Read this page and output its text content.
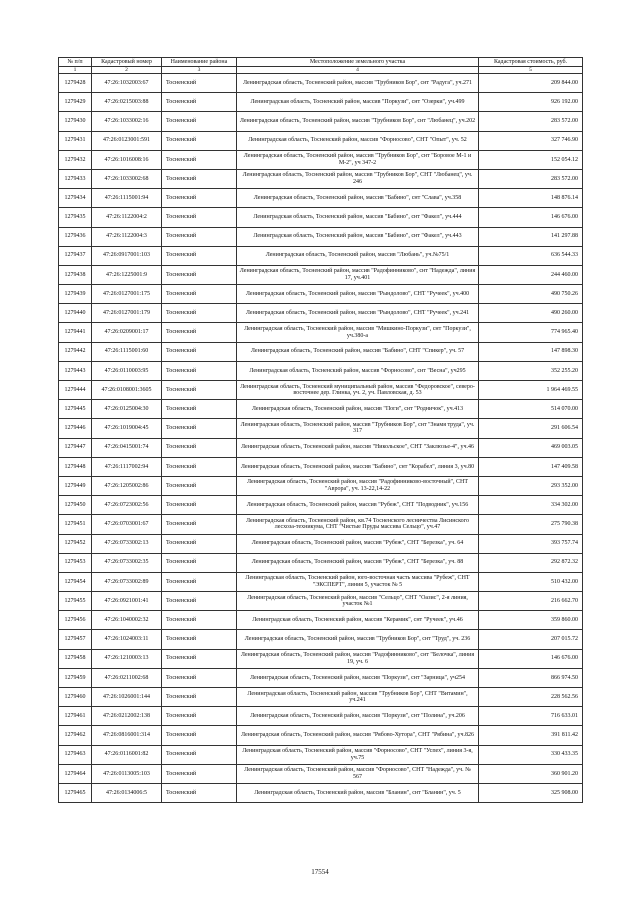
№ п/п	Кадастровый номер	Наименование района	Местоположение земельного участка	Кадастровая стоимость, руб.
1	2	3	4	5
1279428	47:26:1032003:67	Тосненский	Ленинградская область, Тосненский район, массив "Трубников Бор", снт "Радуга", уч.271	209 844.00
1279429	47:26:0215003:88	Тосненский	Ленинградская область, Тосненский район, массив "Поркузи", снт "Озерки", уч.499	926 192.00
1279430	47:26:1033002:16	Тосненский	Ленинградская область, Тосненский район, массив "Трубников Бор", снт "Любанец", уч.202	283 572.00
1279431	47:26:0123001:591	Тосненский	Ленинградская область, Тосненский район, массив "Форносово", СНТ "Опыт", уч. 52	327 746.90
1279432	47:26:1016008:16	Тосненский	Ленинградская область, Тосненский район, массив "Трубников Бор", снт "Боровое М-1 и М-2", уч 347-2	152 054.12
1279433	47:26:1033002:68	Тосненский	Ленинградская область, Тосненский район, массив "Трубников Бор", СНТ "Любанец", уч. 246	283 572.00
1279434	47:26:1115001:94	Тосненский	Ленинградская область, Тосненский район, массив "Бабино", снт "Слава", уч.358	148 876.14
1279435	47:26:1122004:2	Тосненский	Ленинградская область, Тосненский район, массив "Бабино", снт "Факел", уч.444	146 676.00
1279436	47:26:1122004:3	Тосненский	Ленинградская область, Тосненский район, массив "Бабино", снт "Факел", уч.443	141 297.88
1279437	47:26:0917001:103	Тосненский	Ленинградская область, Тосненский район, массив "Любань", уч.№75/1	636 544.33
1279438	47:26:1225001:9	Тосненский	Ленинградская область, Тосненский район, массив "Радофинниково", снт "Надежда", линия 17, уч.401	244 460.00
1279439	47:26:0127001:175	Тосненский	Ленинградская область, Тосненский район, массив "Рындолово", СНТ "Ручеек", уч.400	490 750.26
1279440	47:26:0127001:179	Тосненский	Ленинградская область, Тосненский район, массив "Рындолово", СНТ "Ручеек", уч.241	490 260.00
1279441	47:26:0209001:17	Тосненский	Ленинградская область, Тосненский район, массив "Мишкино-Поркузи", снт "Поркузи", уч.380-а	774 965.40
1279442	47:26:1115001:60	Тосненский	Ленинградская область, Тосненский район, массив "Бабино", СНТ "Спикер", уч. 57	147 898.30
1279443	47:26:0110003:95	Тосненский	Ленинградская область, Тосненский район, массив "Форносово", снт "Весна", уч295	352 255.20
1279444	47:26:0108001:3605	Тосненский	Ленинградская область, Тосненский муниципальный район, массив "Федоровское", северо-восточнее дер. Глинка, уч. 2, уч. Павловская, д. 53	1 964 469.55
1279445	47:26:0125004:30	Тосненский	Ленинградская область, Тосненский район, массив "Поги", снт "Родничок", уч.413	514 070.00
1279446	47:26:1019004:45	Тосненский	Ленинградская область, Тосненский район, массив "Трубников Бор", снт "Знамя труда", уч. 317	291 606.54
1279447	47:26:0415001:74	Тосненский	Ленинградская область, Тосненский район, массив "Никольское", СНТ "Заклюзье-4", уч.46	469 003.05
1279448	47:26:1117002:94	Тосненский	Ленинградская область, Тосненский район, массив "Бабино", снт "Корабел", линия 3, уч.80	147 409.58
1279449	47:26:1205002:86	Тосненский	Ленинградская область, Тосненский район, массив "Радофинниково-восточный", СНТ "Аврора", уч. 13-22,14-22	293 352.00
1279450	47:26:0723002:56	Тосненский	Ленинградская область, Тосненский район, массив "Рубеж", СНТ "Подводник", уч.156	334 302.00
1279451	47:26:0703001:67	Тосненский	Ленинградская область, Тосненский район, кв.74 Тосненского лесничества Лисинского лесхоза-техникума, СНТ "Чистые Пруды массива Сельцо", уч.47	275 790.38
1279452	47:26:0733002:13	Тосненский	Ленинградская область, Тосненский район, массив "Рубеж", СНТ "Березка", уч. 64	393 757.74
1279453	47:26:0733002:35	Тосненский	Ленинградская область, Тосненский район, массив "Рубеж", СНТ "Березка", уч. 88	292 872.32
1279454	47:26:0733002:89	Тосненский	Ленинградская область, Тосненский район, юго-восточная часть массива "Рубеж", СНТ "ЭКСПЕРТ", линия 5, участок № 5	510 432.00
1279455	47:26:0921001:41	Тосненский	Ленинградская область, Тосненский район, массив "Сельцо", СНТ "Оазис", 2-я линия, участок №1	216 662.70
1279456	47:26:1040002:32	Тосненский	Ленинградская область, Тосненский район, массив "Керамик", снт "Ручеек", уч.46	359 860.00
1279457	47:26:1024003:11	Тосненский	Ленинградская область, Тосненский район, массив "Трубников Бор", снт "Труд", уч. 236	207 015.72
1279458	47:26:1210003:13	Тосненский	Ленинградская область, Тосненский район, массив "Радофинниково", снт "Белочка", линия 19, уч. 6	146 676.00
1279459	47:26:0211002:68	Тосненский	Ленинградская область, Тосненский район, массив "Поркузи", снт "Зарница", уч254	866 974.50
1279460	47:26:1026001:144	Тосненский	Ленинградская область, Тосненский район, массив "Трубников Бор", СНТ "Витамин", уч.241	228 562.56
1279461	47:26:0212002:138	Тосненский	Ленинградская область, Тосненский район, массив "Поркузи", снт "Полина", уч.206	716 633.01
1279462	47:26:0816001:314	Тосненский	Ленинградская область, Тосненский район, массив "Рябово-Хутора", СНТ "Рябина", уч.826	391 811.42
1279463	47:26:0116001:82	Тосненский	Ленинградская область, Тосненский район, массив "Форносово", СНТ "Успех", линия 3-я, уч.75	330 433.35
1279464	47:26:0113005:103	Тосненский	Ленинградская область, Тосненский район, массив "Форносово", СНТ "Надежда", уч. № 567	360 901.20
1279465	47:26:0134006:5	Тосненский	Ленинградская область, Тосненский район, массив "Бланин", снт "Бланин", уч. 5	325 908.00
17554
